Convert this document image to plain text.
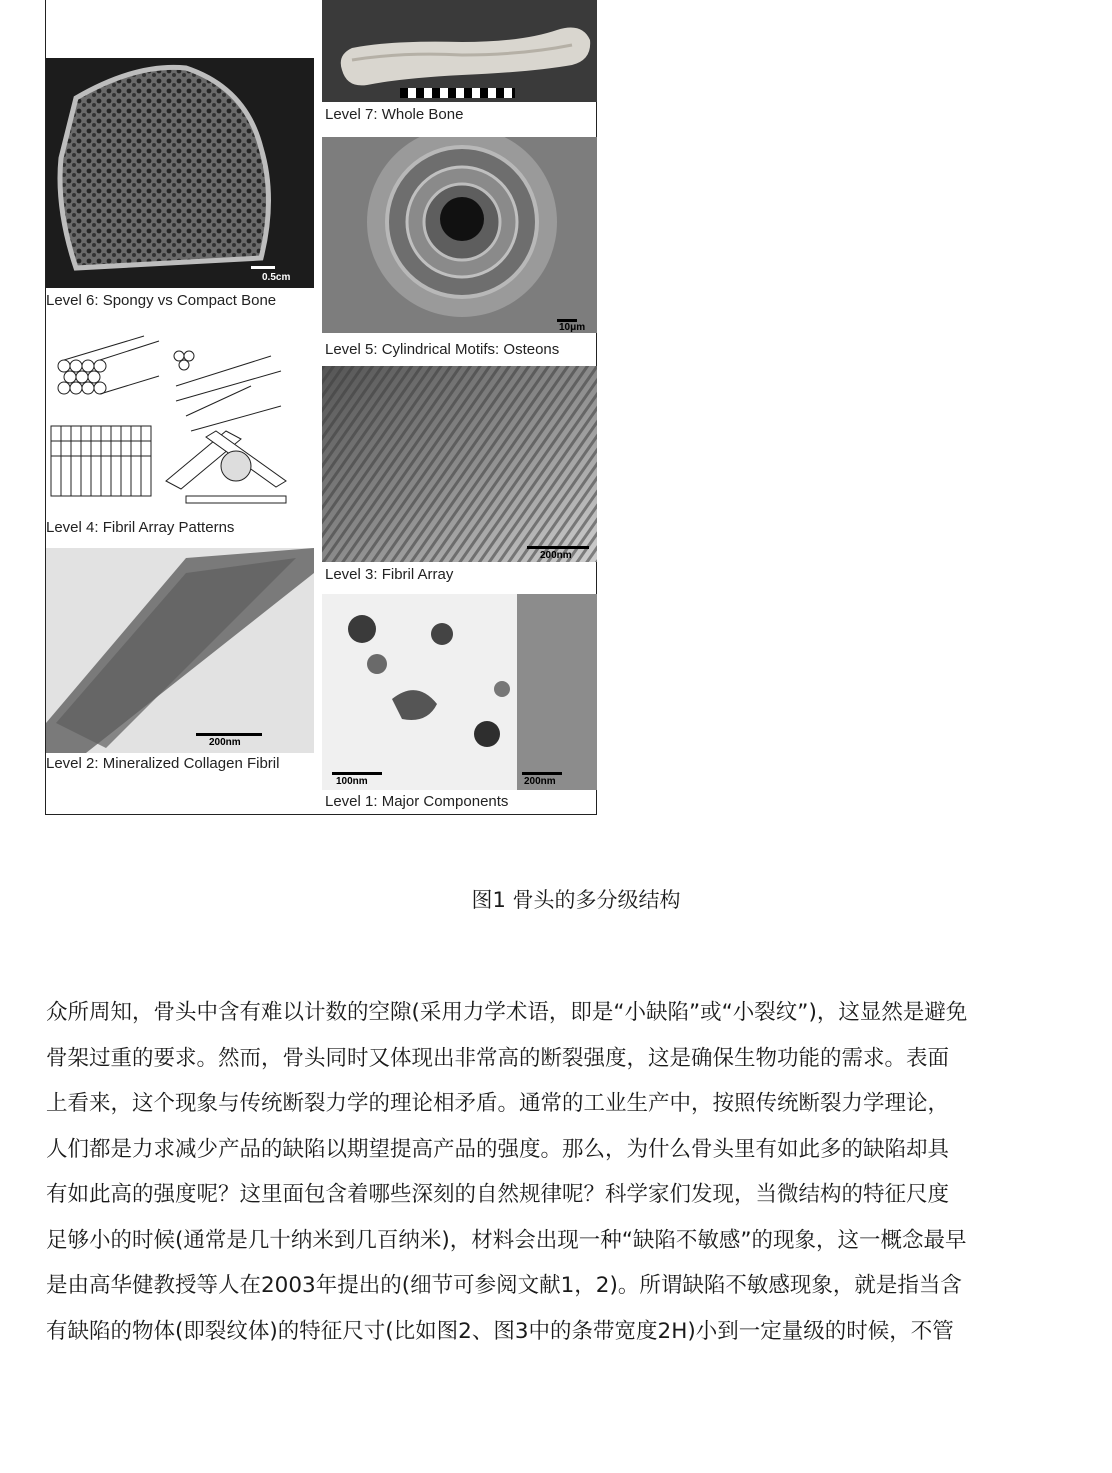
Level 7: Whole Bone
0.5cm
Level 6: Spongy vs Compact Bone
10μm
Level 5: Cylindrical Motifs: Osteons
Level 4: Fibril Array Patterns
200nm
Level 3: Fibril Array
200nm
Level 2: Mineralized Collagen Fibril
100nm	200nm
Level 1: Major Components
图1 骨头的多分级结构
众所周知，骨头中含有难以计数的空隙(采用力学术语，即是“小缺陷”或“小裂纹”)，这显然是避免
骨架过重的要求。然而，骨头同时又体现出非常高的断裂强度，这是确保生物功能的需求。表面
上看来，这个现象与传统断裂力学的理论相矛盾。通常的工业生产中，按照传统断裂力学理论，
人们都是力求减少产品的缺陷以期望提高产品的强度。那么，为什么骨头里有如此多的缺陷却具
有如此高的强度呢？这里面包含着哪些深刻的自然规律呢？科学家们发现，当微结构的特征尺度
足够小的时候(通常是几十纳米到几百纳米)，材料会出现一种“缺陷不敏感”的现象，这一概念最早
是由高华健教授等人在2003年提出的(细节可参阅文献1，2)。所谓缺陷不敏感现象，就是指当含
有缺陷的物体(即裂纹体)的特征尺寸(比如图2、图3中的条带宽度2H)小到一定量级的时候，不管
